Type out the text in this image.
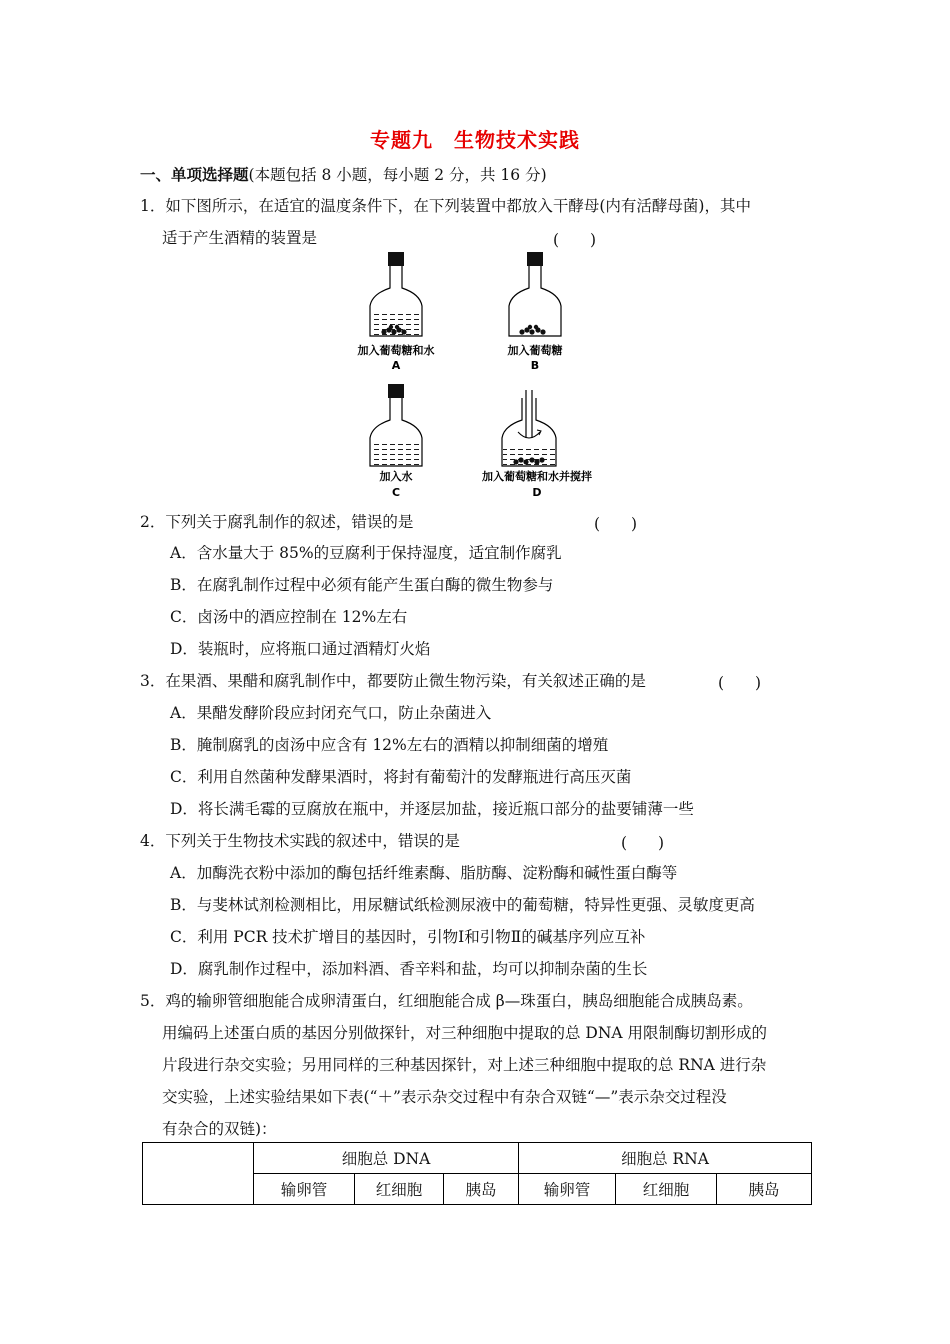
专题九　生物技术实践
一、单项选择题(本题包括 8 小题，每小题 2 分，共 16 分)
1．如下图所示，在适宜的温度条件下，在下列装置中都放入干酵母(内有活酵母菌)，其中
适于产生酒精的装置是	(　　)
加入葡萄糖和水
A
加入葡萄糖
B
加入水
C
加入葡萄糖和水并搅拌
D
2．下列关于腐乳制作的叙述，错误的是	(　　)
A．含水量大于 85%的豆腐利于保持湿度，适宜制作腐乳
B．在腐乳制作过程中必须有能产生蛋白酶的微生物参与
C．卤汤中的酒应控制在 12%左右
D．装瓶时，应将瓶口通过酒精灯火焰
3．在果酒、果醋和腐乳制作中，都要防止微生物污染，有关叙述正确的是	(　　)
A．果醋发酵阶段应封闭充气口，防止杂菌进入
B．腌制腐乳的卤汤中应含有 12%左右的酒精以抑制细菌的增殖
C．利用自然菌种发酵果酒时，将封有葡萄汁的发酵瓶进行高压灭菌
D．将长满毛霉的豆腐放在瓶中，并逐层加盐，接近瓶口部分的盐要铺薄一些
4．下列关于生物技术实践的叙述中，错误的是	(　　)
A．加酶洗衣粉中添加的酶包括纤维素酶、脂肪酶、淀粉酶和碱性蛋白酶等
B．与斐林试剂检测相比，用尿糖试纸检测尿液中的葡萄糖，特异性更强、灵敏度更高
C．利用 PCR 技术扩增目的基因时，引物Ⅰ和引物Ⅱ的碱基序列应互补
D．腐乳制作过程中，添加料酒、香辛料和盐，均可以抑制杂菌的生长
5．鸡的输卵管细胞能合成卵清蛋白，红细胞能合成 β—珠蛋白，胰岛细胞能合成胰岛素。
用编码上述蛋白质的基因分别做探针，对三种细胞中提取的总 DNA 用限制酶切割形成的
片段进行杂交实验；另用同样的三种基因探针，对上述三种细胞中提取的总 RNA 进行杂
交实验，上述实验结果如下表(“＋”表示杂交过程中有杂合双链“—”表示杂交过程没
有杂合的双链)：
	细胞总 DNA			细胞总 RNA		
	输卵管	红细胞	胰岛	输卵管	红细胞	胰岛
